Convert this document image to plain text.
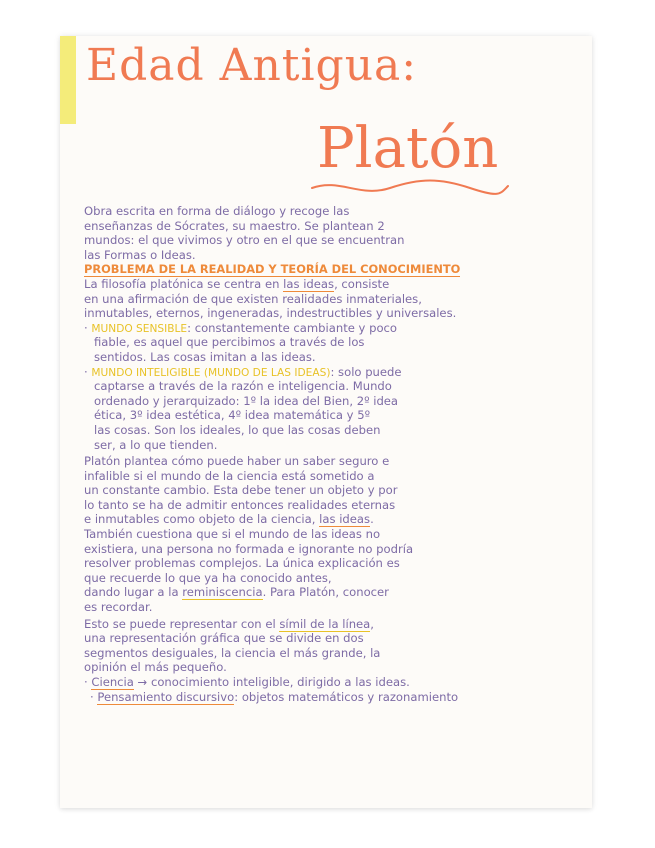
Edad Antigua:
Platón
Obra escrita en forma de diálogo y recoge las
enseñanzas de Sócrates, su maestro. Se plantean 2
mundos: el que vivimos y otro en el que se encuentran
las Formas o Ideas.
PROBLEMA DE LA REALIDAD Y TEORÍA DEL CONOCIMIENTO
La filosofía platónica se centra en las ideas, consiste
en una afirmación de que existen realidades inmateriales,
inmutables, eternos, ingeneradas, indestructibles y universales.
· MUNDO SENSIBLE: constantemente cambiante y poco
fiable, es aquel que percibimos a través de los
sentidos. Las cosas imitan a las ideas.
· MUNDO INTELIGIBLE (MUNDO DE LAS IDEAS): solo puede
captarse a través de la razón e inteligencia. Mundo
ordenado y jerarquizado: 1º la idea del Bien, 2º idea
ética, 3º idea estética, 4º idea matemática y 5º
las cosas. Son los ideales, lo que las cosas deben
ser, a lo que tienden.
Platón plantea cómo puede haber un saber seguro e
infalible si el mundo de la ciencia está sometido a
un constante cambio. Esta debe tener un objeto y por
lo tanto se ha de admitir entonces realidades eternas
e inmutables como objeto de la ciencia, las ideas.
También cuestiona que si el mundo de las ideas no
existiera, una persona no formada e ignorante no podría
resolver problemas complejos. La única explicación es
que recuerde lo que ya ha conocido antes,
dando lugar a la reminiscencia. Para Platón, conocer
es recordar.
Esto se puede representar con el símil de la línea,
una representación gráfica que se divide en dos
segmentos desiguales, la ciencia el más grande, la
opinión el más pequeño.
· Ciencia → conocimiento inteligible, dirigido a las ideas.
· Pensamiento discursivo: objetos matemáticos y razonamiento
